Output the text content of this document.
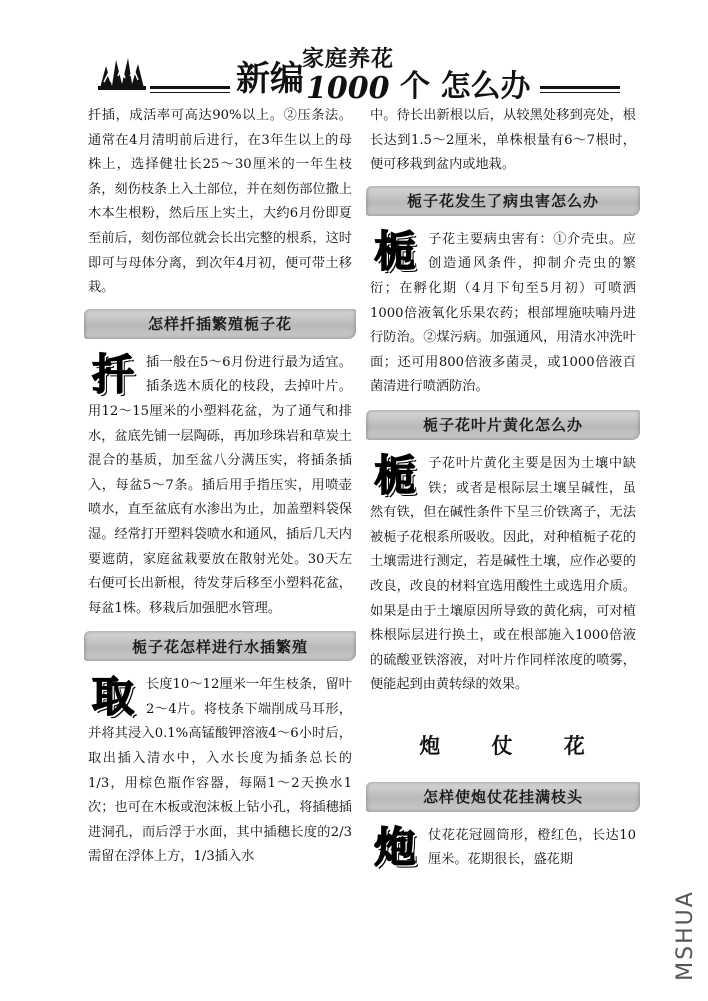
新编
家庭养花
1000 个 怎么办

扦插，成活率可高达90%以上。②压条法。通常在4月清明前后进行，在3年生以上的母株上，选择健壮长25～30厘米的一年生枝条，刻伤枝条上入土部位，并在刻伤部位撒上木本生根粉，然后压上实土，大约6月份即夏至前后，刻伤部位就会长出完整的根系，这时即可与母体分离，到次年4月初，便可带土移栽。

怎样扦插繁殖栀子花
扦 插一般在5～6月份进行最为适宜。插条选木质化的枝段，去掉叶片。用12～15厘米的小塑料花盆，为了通气和排水，盆底先铺一层陶砾，再加珍珠岩和草炭土混合的基质，加至盆八分满压实，将插条插入，每盆5～7条。插后用手指压实，用喷壶喷水，直至盆底有水渗出为止，加盖塑料袋保湿。经常打开塑料袋喷水和通风，插后几天内要遮荫，家庭盆栽要放在散射光处。30天左右便可长出新根，待发芽后移至小塑料花盆，每盆1株。移栽后加强肥水管理。

栀子花怎样进行水插繁殖
取 长度10～12厘米一年生枝条，留叶2～4片。将枝条下端削成马耳形，并将其浸入0.1%高锰酸钾溶液4～6小时后，取出插入清水中，入水长度为插条总长的1/3，用棕色瓶作容器，每隔1～2天换水1次；也可在木板或泡沫板上钻小孔，将插穗插进洞孔，而后浮于水面，其中插穗长度的2/3需留在浮体上方，1/3插入水

中。待长出新根以后，从较黑处移到亮处，根长达到1.5～2厘米，单株根量有6～7根时，便可移栽到盆内或地栽。

栀子花发生了病虫害怎么办
栀 子花主要病虫害有：①介壳虫。应创造通风条件，抑制介壳虫的繁衍；在孵化期（4月下旬至5月初）可喷洒1000倍液氧化乐果农药；根部埋施呋喃丹进行防治。②煤污病。加强通风，用清水冲洗叶面；还可用800倍液多菌灵，或1000倍液百菌清进行喷洒防治。

栀子花叶片黄化怎么办
栀 子花叶片黄化主要是因为土壤中缺铁；或者是根际层土壤呈碱性，虽然有铁，但在碱性条件下呈三价铁离子，无法被栀子花根系所吸收。因此，对种植栀子花的土壤需进行测定，若是碱性土壤，应作必要的改良，改良的材料宜选用酸性土或选用介质。如果是由于土壤原因所导致的黄化病，可对植株根际层进行换土，或在根部施入1000倍液的硫酸亚铁溶液，对叶片作同样浓度的喷雾，便能起到由黄转绿的效果。

炮 仗 花
怎样使炮仗花挂满枝头
炮 仗花花冠圆筒形，橙红色，长达10厘米。花期很长，盛花期

MSHUA
